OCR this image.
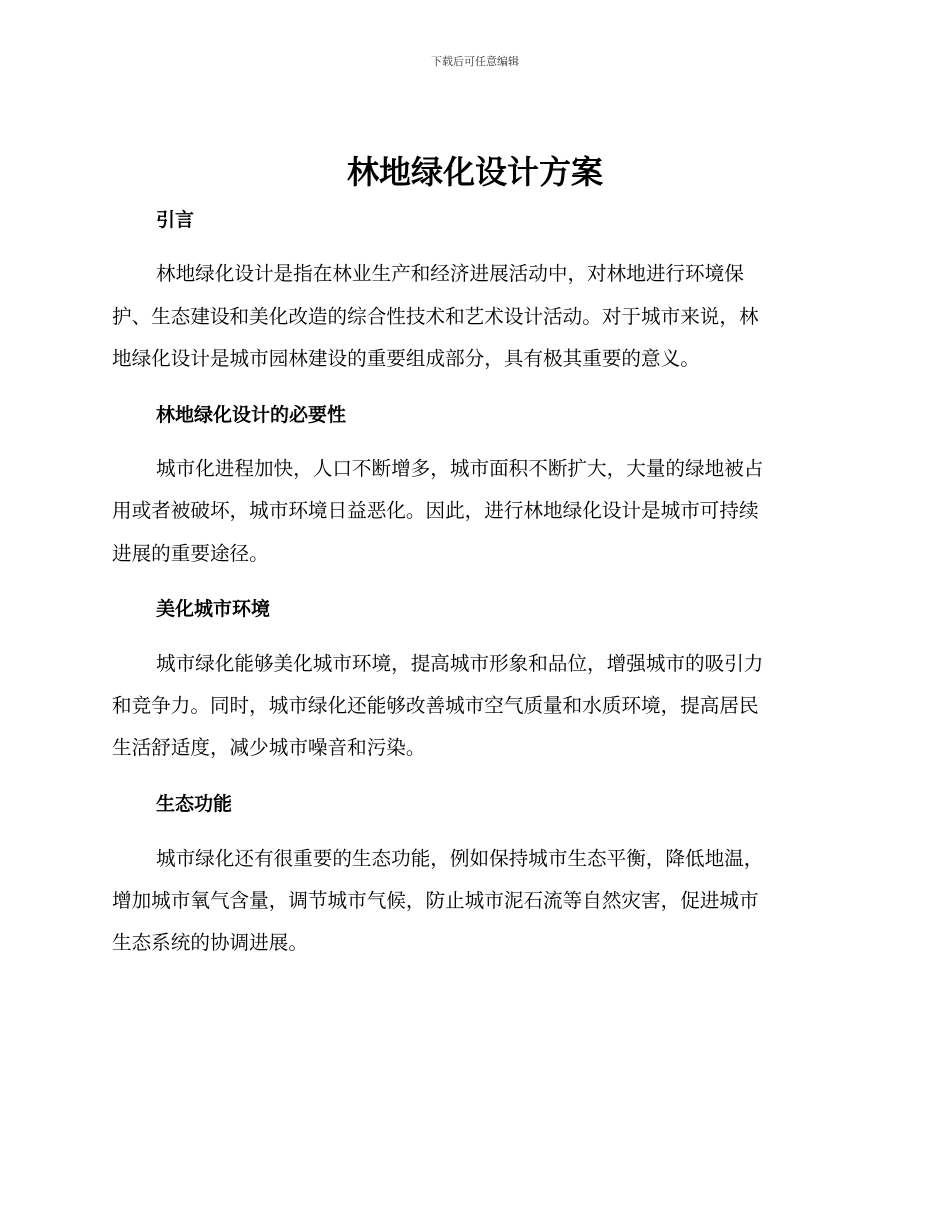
下载后可任意编辑
林地绿化设计方案
引言

林地绿化设计是指在林业生产和经济进展活动中，对林地进行环境保

护、生态建设和美化改造的综合性技术和艺术设计活动。对于城市来说，林

地绿化设计是城市园林建设的重要组成部分，具有极其重要的意义。

林地绿化设计的必要性

城市化进程加快，人口不断增多，城市面积不断扩大，大量的绿地被占

用或者被破坏，城市环境日益恶化。因此，进行林地绿化设计是城市可持续

进展的重要途径。

美化城市环境

城市绿化能够美化城市环境，提高城市形象和品位，增强城市的吸引力

和竞争力。同时，城市绿化还能够改善城市空气质量和水质环境，提高居民

生活舒适度，减少城市噪音和污染。

生态功能

城市绿化还有很重要的生态功能，例如保持城市生态平衡，降低地温，

增加城市氧气含量，调节城市气候，防止城市泥石流等自然灾害，促进城市

生态系统的协调进展。
